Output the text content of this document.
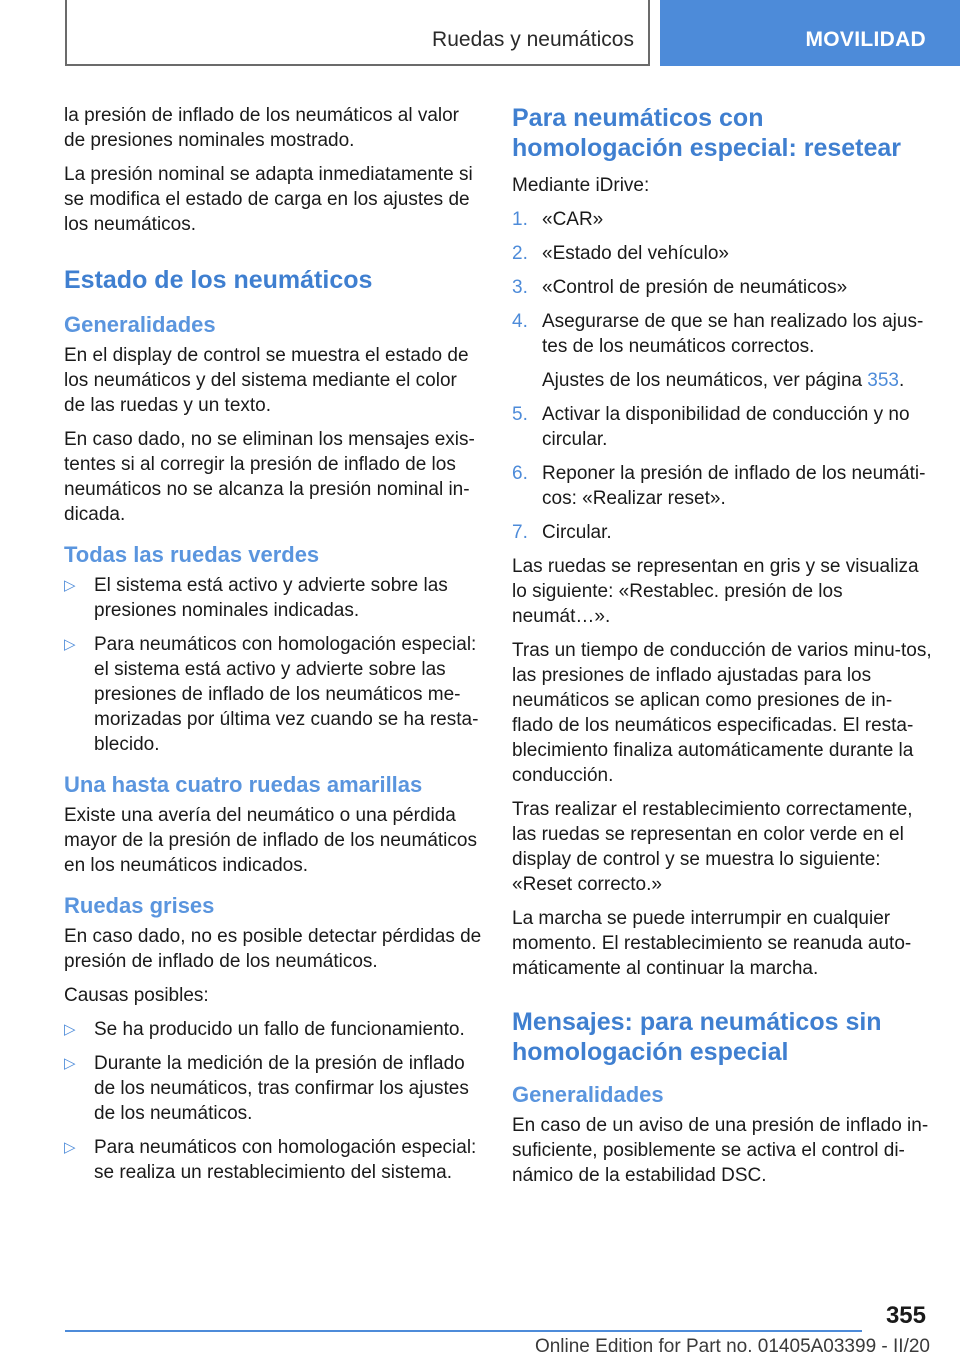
Ruedas y neumáticos	MOVILIDAD

la presión de inflado de los neumáticos al valor de presiones nominales mostrado.

La presión nominal se adapta inmediatamente si se modifica el estado de carga en los ajustes de los neumáticos.

Estado de los neumáticos
Generalidades

En el display de control se muestra el estado de los neumáticos y del sistema mediante el color de las ruedas y un texto.

En caso dado, no se eliminan los mensajes exis-tentes si al corregir la presión de inflado de los neumáticos no se alcanza la presión nominal in-dicada.

Todas las ruedas verdes
▷ El sistema está activo y advierte sobre las presiones nominales indicadas.
▷ Para neumáticos con homologación especial: el sistema está activo y advierte sobre las presiones de inflado de los neumáticos me-morizadas por última vez cuando se ha resta-blecido.
Una hasta cuatro ruedas amarillas

Existe una avería del neumático o una pérdida mayor de la presión de inflado de los neumáticos en los neumáticos indicados.

Ruedas grises

En caso dado, no es posible detectar pérdidas de presión de inflado de los neumáticos.

Causas posibles:

▷ Se ha producido un fallo de funcionamiento.
▷ Durante la medición de la presión de inflado de los neumáticos, tras confirmar los ajustes de los neumáticos.
▷ Para neumáticos con homologación especial: se realiza un restablecimiento del sistema.
Para neumáticos con homologación especial: resetear

Mediante iDrive:

1. «CAR»
2. «Estado del vehículo»
3. «Control de presión de neumáticos»
4. Asegurarse de que se han realizado los ajus-tes de los neumáticos correctos.
Ajustes de los neumáticos, ver página 353.
5. Activar la disponibilidad de conducción y no circular.
6. Reponer la presión de inflado de los neumáti-cos: «Realizar reset».
7. Circular.

Las ruedas se representan en gris y se visualiza lo siguiente: «Restablec. presión de los neumát…».

Tras un tiempo de conducción de varios minu-tos, las presiones de inflado ajustadas para los neumáticos se aplican como presiones de in-flado de los neumáticos especificadas. El resta-blecimiento finaliza automáticamente durante la conducción.

Tras realizar el restablecimiento correctamente, las ruedas se representan en color verde en el display de control y se muestra lo siguiente: «Reset correcto.»

La marcha se puede interrumpir en cualquier momento. El restablecimiento se reanuda auto-máticamente al continuar la marcha.

Mensajes: para neumáticos sin homologación especial
Generalidades

En caso de un aviso de una presión de inflado in-suficiente, posiblemente se activa el control di-námico de la estabilidad DSC.

355
Online Edition for Part no. 01405A03399 - II/20
